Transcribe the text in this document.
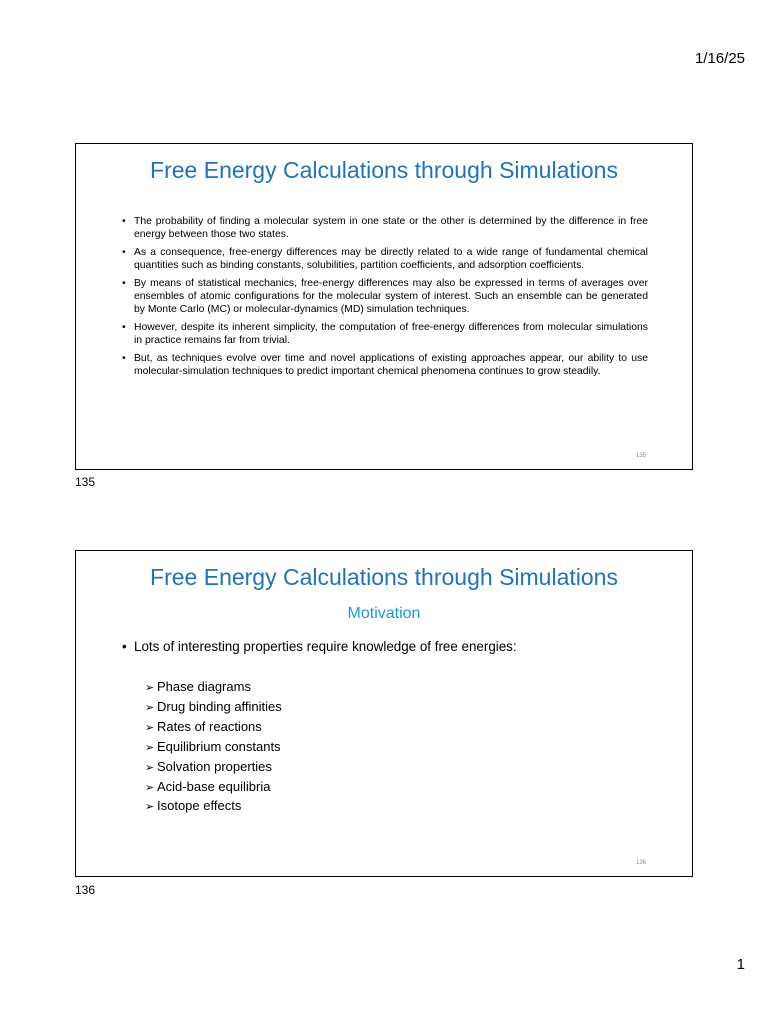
1/16/25
Free Energy Calculations through Simulations
• The probability of finding a molecular system in one state or the other is determined by the difference in free energy between those two states.
• As a consequence, free-energy differences may be directly related to a wide range of fundamental chemical quantities such as binding constants, solubilities, partition coefficients, and adsorption coefficients.
• By means of statistical mechanics, free-energy differences may also be expressed in terms of averages over ensembles of atomic configurations for the molecular system of interest. Such an ensemble can be generated by Monte Carlo (MC) or molecular-dynamics (MD) simulation techniques.
• However, despite its inherent simplicity, the computation of free-energy differences from molecular simulations in practice remains far from trivial.
• But, as techniques evolve over time and novel applications of existing approaches appear, our ability to use molecular-simulation techniques to predict important chemical phenomena continues to grow steadily.
135
135
Free Energy Calculations through Simulations
Motivation
• Lots of interesting properties require knowledge of free energies:
➢ Phase diagrams
➢ Drug binding affinities
➢ Rates of reactions
➢ Equilibrium constants
➢ Solvation properties
➢ Acid-base equilibria
➢ Isotope effects
136
136
1
